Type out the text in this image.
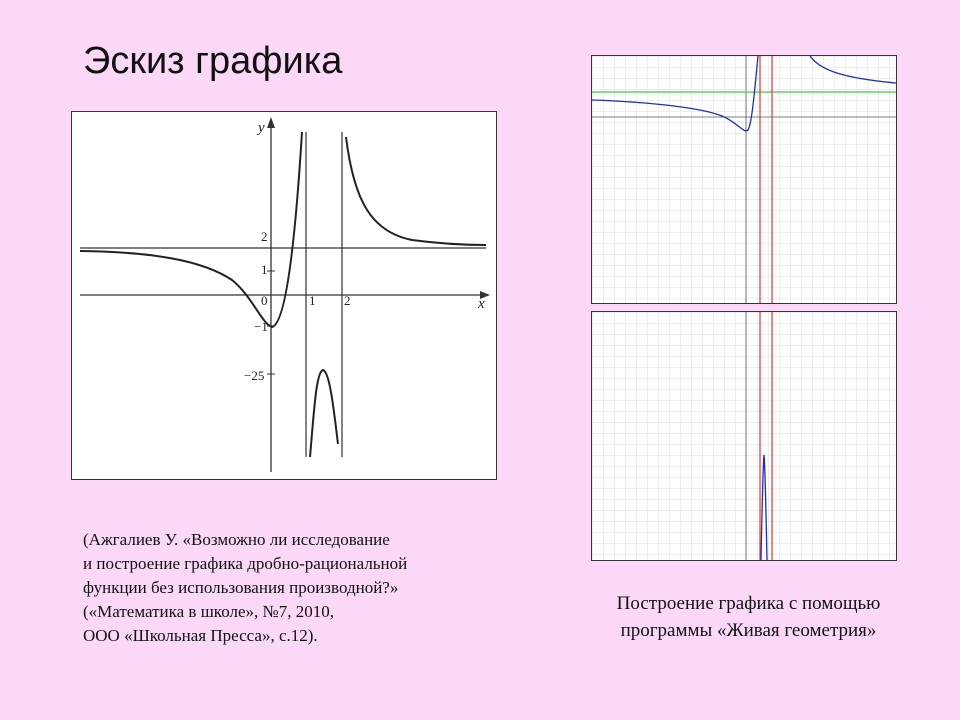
Эскиз графика
y
x
2
1
−1
−25
0	1 2
(Ажгалиев У. «Возможно ли исследование
и построение графика дробно-рациональной
функции без использования производной?»
(«Математика в школе», №7, 2010,
ООО «Школьная Пресса», с.12).
Построение графика с помощью
программы «Живая геометрия»
